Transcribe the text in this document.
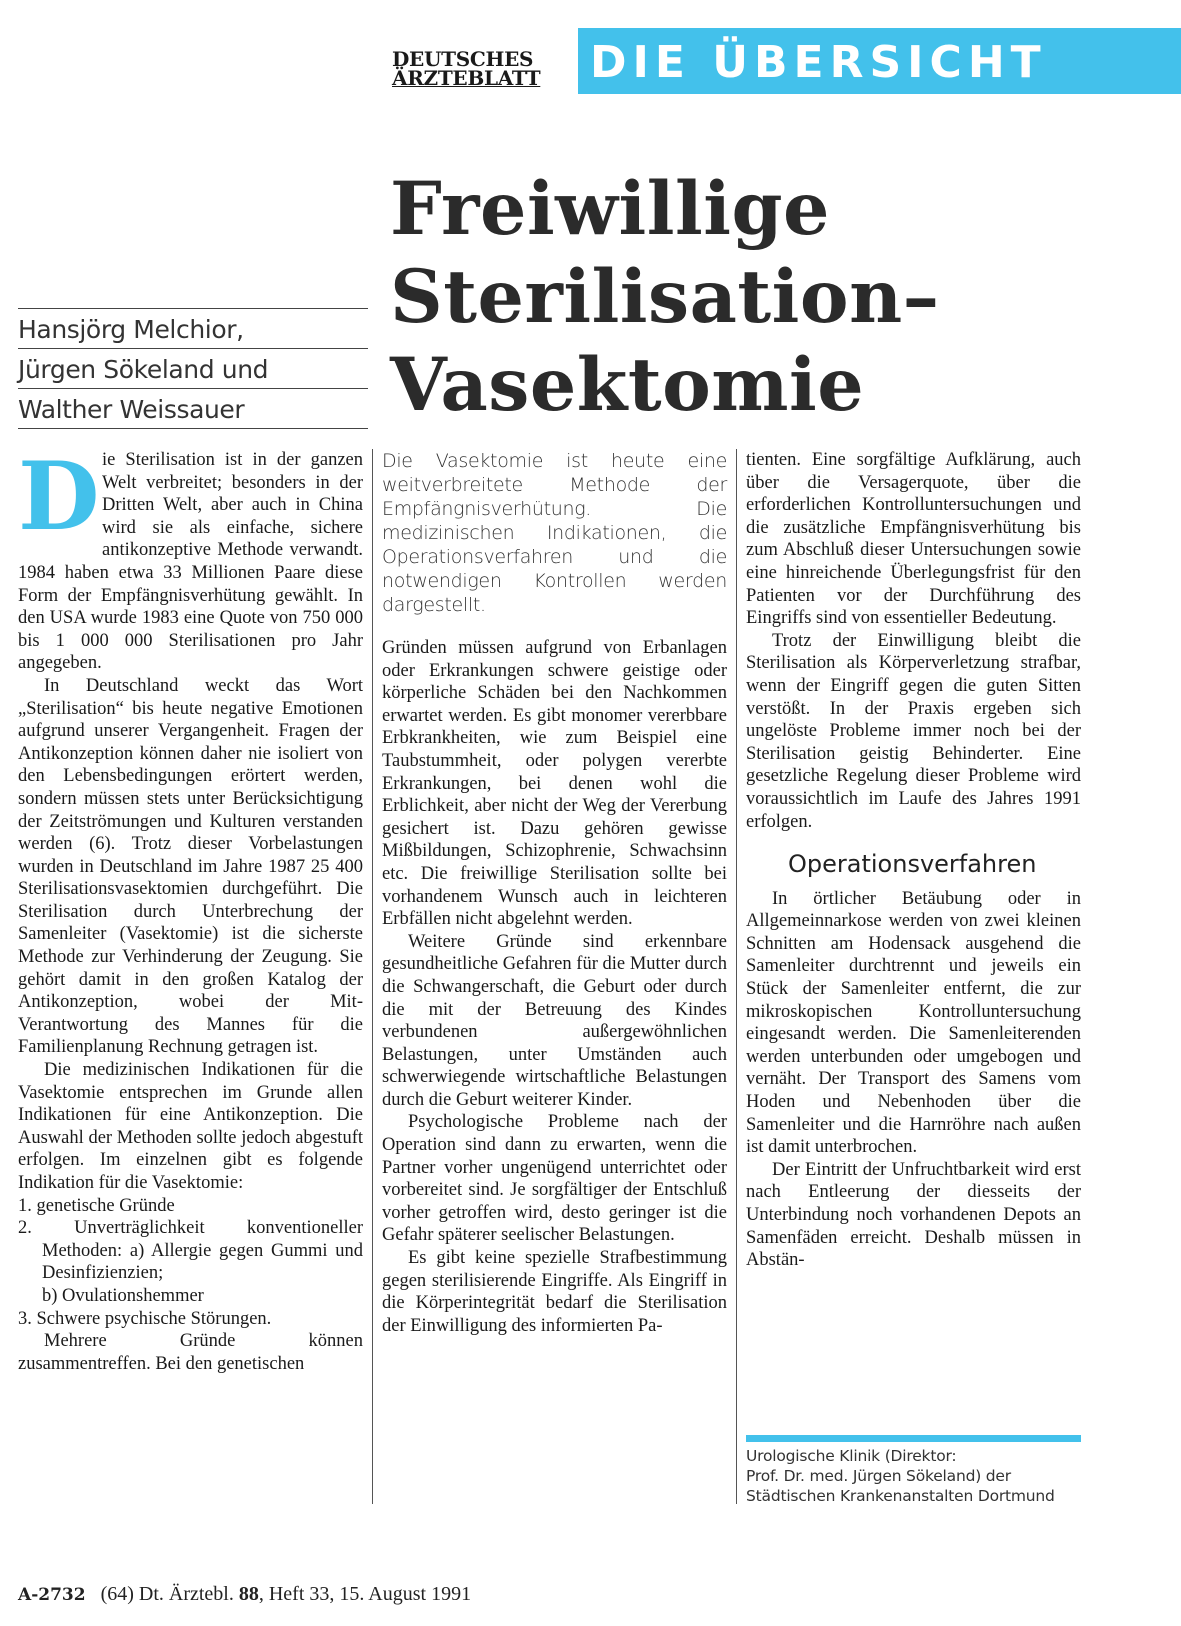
DEUTSCHES
ÄRZTEBLATT	DIE ÜBERSICHT
Freiwillige
Sterilisation–
Vasektomie
Hansjörg Melchior,
Jürgen Sökeland und
Walther Weissauer
D ie Sterilisation ist in der ganzen Welt verbreitet; besonders in der Dritten Welt, aber auch in China wird sie als einfache, sichere antikonzeptive Methode verwandt. 1984 haben etwa 33 Millionen Paare diese Form der Empfängnisverhütung gewählt. In den USA wurde 1983 eine Quote von 750 000 bis 1 000 000 Sterilisationen pro Jahr angegeben.

In Deutschland weckt das Wort „Sterilisation“ bis heute negative Emotionen aufgrund unserer Vergangenheit. Fragen der Antikonzeption können daher nie isoliert von den Lebensbedingungen erörtert werden, sondern müssen stets unter Berücksichtigung der Zeitströmungen und Kulturen verstanden werden (6). Trotz dieser Vorbelastungen wurden in Deutschland im Jahre 1987 25 400 Sterilisationsvasektomien durchgeführt. Die Sterilisation durch Unterbrechung der Samenleiter (Vasektomie) ist die sicherste Methode zur Verhinderung der Zeugung. Sie gehört damit in den großen Katalog der Antikonzeption, wobei der Mit-Verantwortung des Mannes für die Familienplanung Rechnung getragen ist.

Die medizinischen Indikationen für die Vasektomie entsprechen im Grunde allen Indikationen für eine Antikonzeption. Die Auswahl der Methoden sollte jedoch abgestuft erfolgen. Im einzelnen gibt es folgende Indikation für die Vasektomie:

1. genetische Gründe
2. Unverträglichkeit konventioneller Methoden: a) Allergie gegen Gummi und Desinfizienzien;
b) Ovulationshemmer
3. Schwere psychische Störungen.

Mehrere Gründe können zusammentreffen. Bei den genetischen

Die Vasektomie ist heute eine weitverbreitete Methode der Empfängnisverhütung. Die medizinischen Indikationen, die Operationsverfahren und die notwendigen Kontrollen werden dargestellt.

Gründen müssen aufgrund von Erbanlagen oder Erkrankungen schwere geistige oder körperliche Schäden bei den Nachkommen erwartet werden. Es gibt monomer vererbbare Erbkrankheiten, wie zum Beispiel eine Taubstummheit, oder polygen vererbte Erkrankungen, bei denen wohl die Erblichkeit, aber nicht der Weg der Vererbung gesichert ist. Dazu gehören gewisse Mißbildungen, Schizophrenie, Schwachsinn etc. Die freiwillige Sterilisation sollte bei vorhandenem Wunsch auch in leichteren Erbfällen nicht abgelehnt werden.

Weitere Gründe sind erkennbare gesundheitliche Gefahren für die Mutter durch die Schwangerschaft, die Geburt oder durch die mit der Betreuung des Kindes verbundenen außergewöhnlichen Belastungen, unter Umständen auch schwerwiegende wirtschaftliche Belastungen durch die Geburt weiterer Kinder.

Psychologische Probleme nach der Operation sind dann zu erwarten, wenn die Partner vorher ungenügend unterrichtet oder vorbereitet sind. Je sorgfältiger der Entschluß vorher getroffen wird, desto geringer ist die Gefahr späterer seelischer Belastungen.

Es gibt keine spezielle Strafbestimmung gegen sterilisierende Eingriffe. Als Eingriff in die Körperintegrität bedarf die Sterilisation der Einwilligung des informierten Pa-

tienten. Eine sorgfältige Aufklärung, auch über die Versagerquote, über die erforderlichen Kontrolluntersuchungen und die zusätzliche Empfängnisverhütung bis zum Abschluß dieser Untersuchungen sowie eine hinreichende Überlegungsfrist für den Patienten vor der Durchführung des Eingriffs sind von essentieller Bedeutung.

Trotz der Einwilligung bleibt die Sterilisation als Körperverletzung strafbar, wenn der Eingriff gegen die guten Sitten verstößt. In der Praxis ergeben sich ungelöste Probleme immer noch bei der Sterilisation geistig Behinderter. Eine gesetzliche Regelung dieser Probleme wird voraussichtlich im Laufe des Jahres 1991 erfolgen.

Operationsverfahren

In örtlicher Betäubung oder in Allgemeinnarkose werden von zwei kleinen Schnitten am Hodensack ausgehend die Samenleiter durchtrennt und jeweils ein Stück der Samenleiter entfernt, die zur mikroskopischen Kontrolluntersuchung eingesandt werden. Die Samenleiterenden werden unterbunden oder umgebogen und vernäht. Der Transport des Samens vom Hoden und Nebenhoden über die Samenleiter und die Harnröhre nach außen ist damit unterbrochen.

Der Eintritt der Unfruchtbarkeit wird erst nach Entleerung der diesseits der Unterbindung noch vorhandenen Depots an Samenfäden erreicht. Deshalb müssen in Abstän-

Urologische Klinik (Direktor:
Prof. Dr. med. Jürgen Sökeland) der
Städtischen Krankenanstalten Dortmund
A-2732 (64) Dt. Ärztebl. 88, Heft 33, 15. August 1991
